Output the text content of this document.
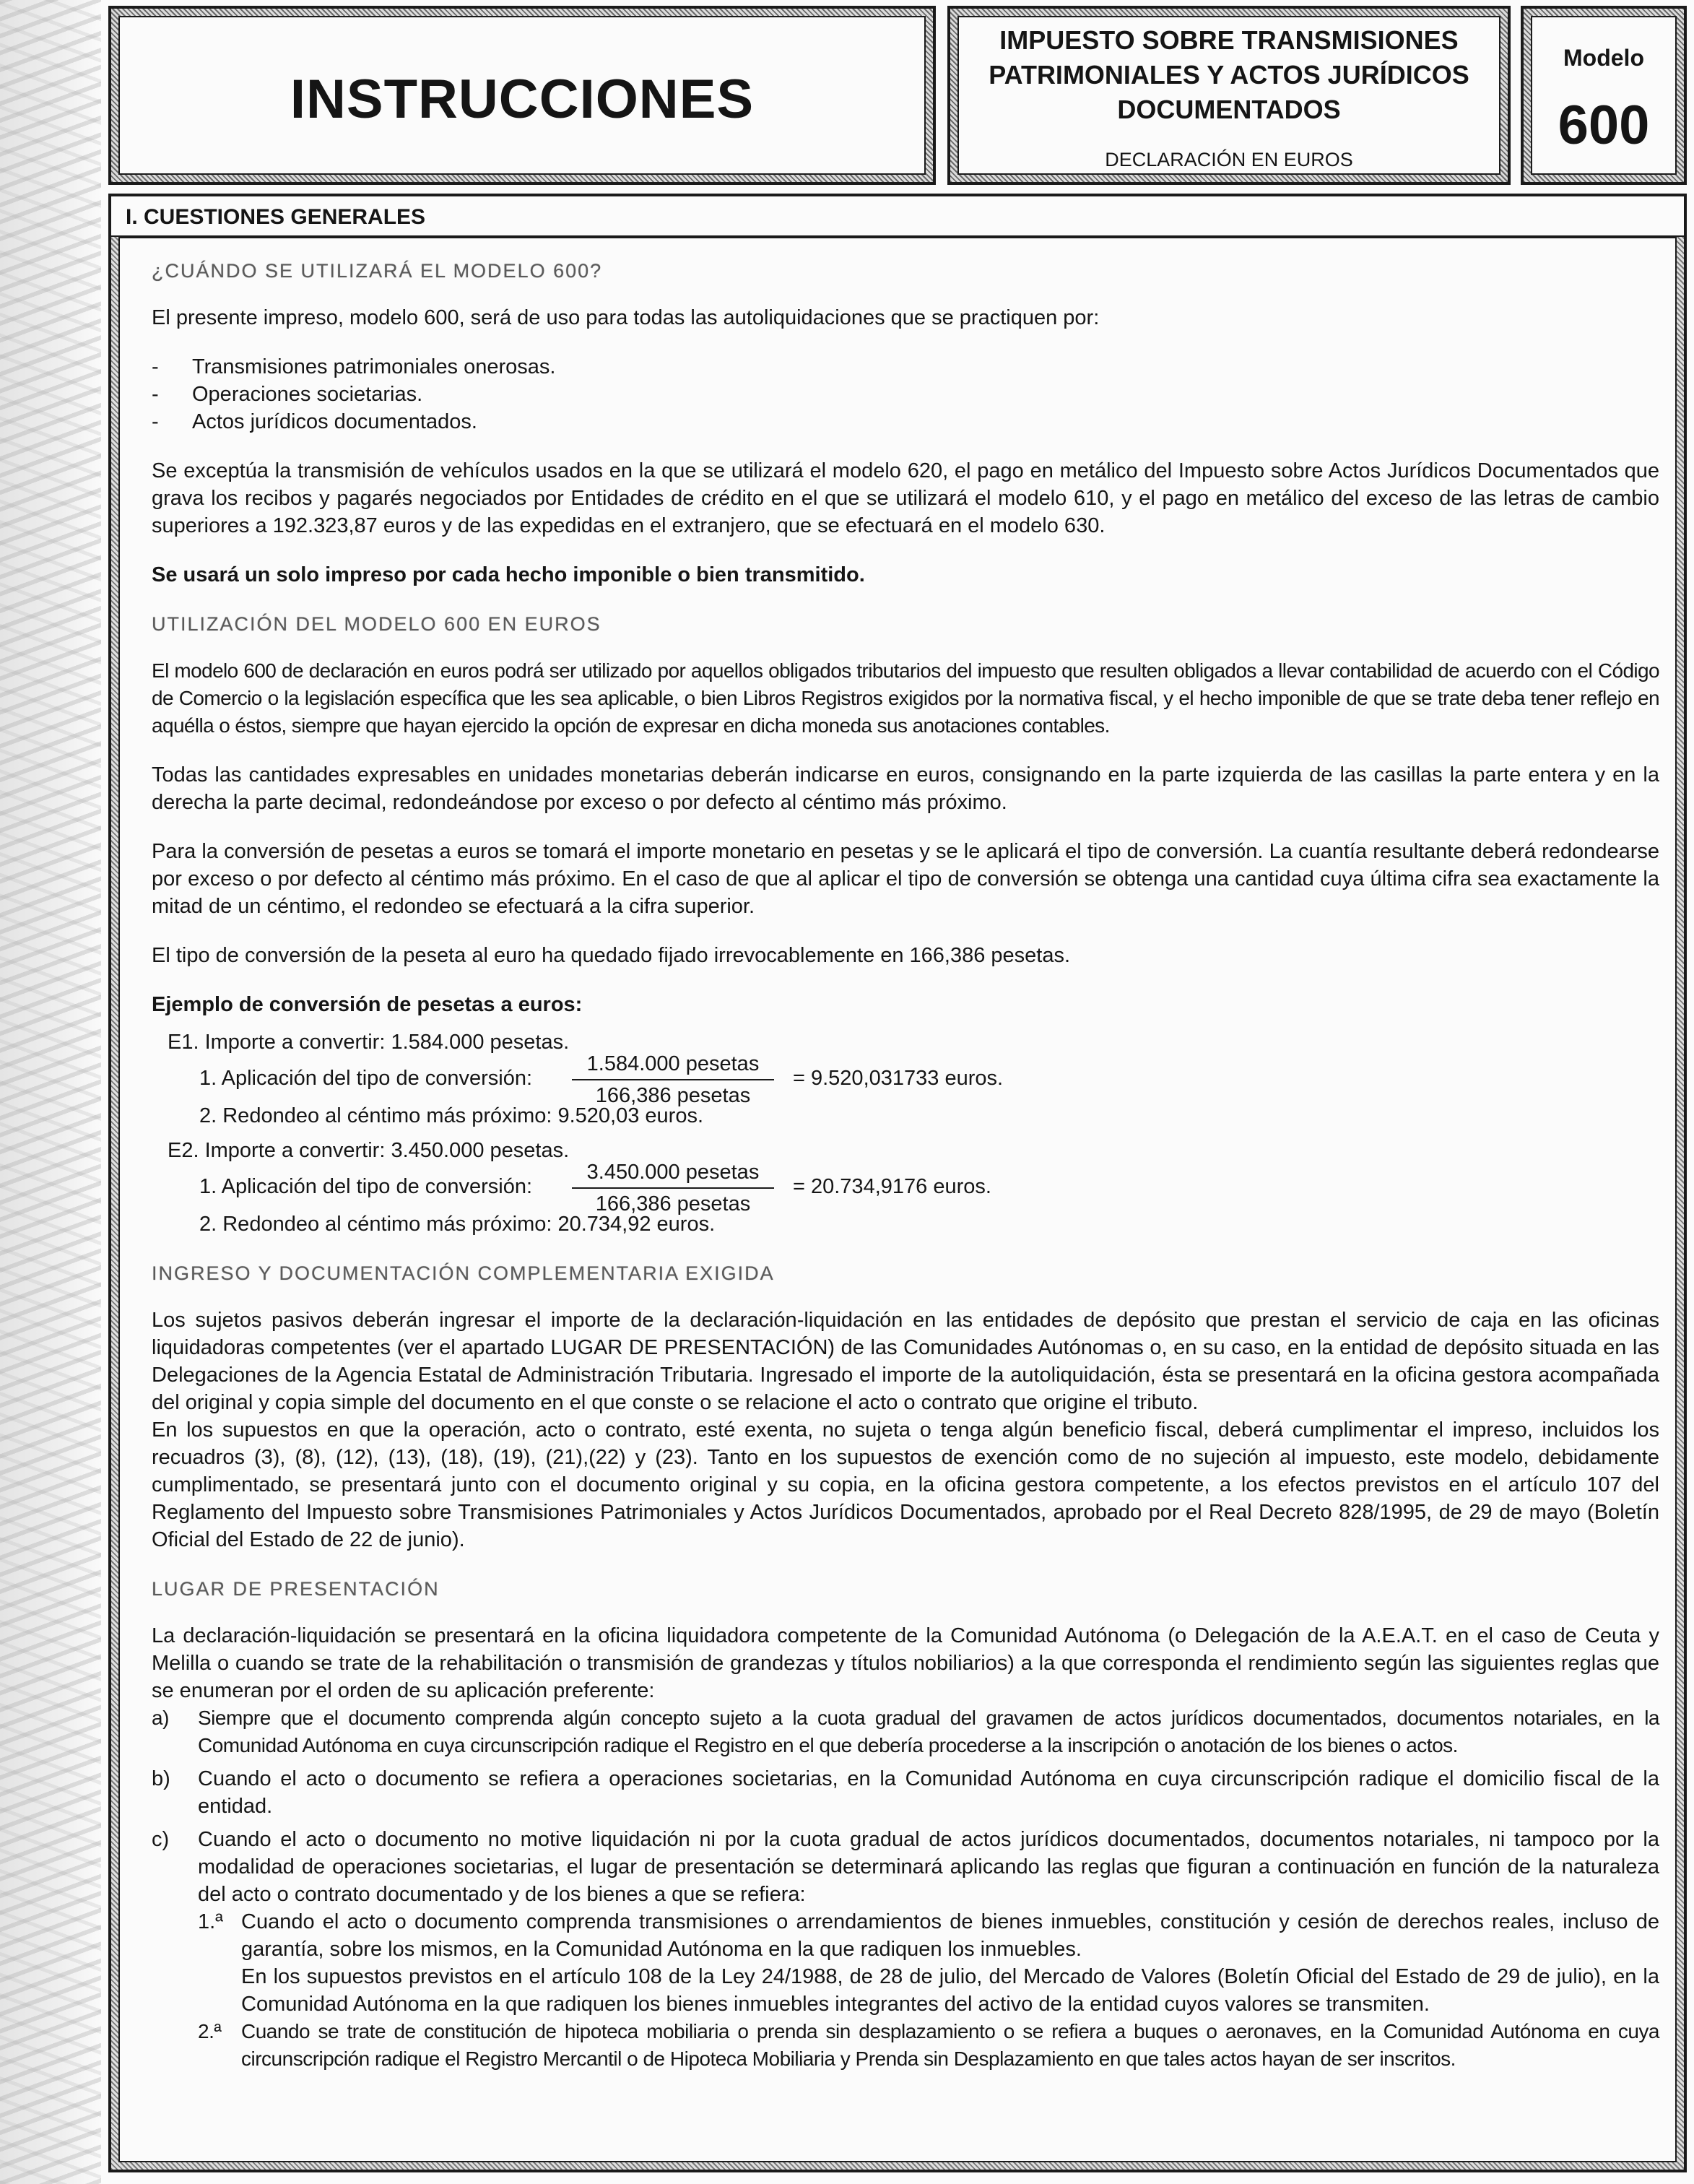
INSTRUCCIONES
IMPUESTO SOBRE TRANSMISIONES
PATRIMONIALES Y ACTOS JURÍDICOS
DOCUMENTADOS
DECLARACIÓN EN EUROS
Modelo
600
I. CUESTIONES GENERALES
¿CUÁNDO SE UTILIZARÁ EL MODELO 600?

El presente impreso, modelo 600, será de uso para todas las autoliquidaciones que se practiquen por:

- Transmisiones patrimoniales onerosas.
- Operaciones societarias.
- Actos jurídicos documentados.

Se exceptúa la transmisión de vehículos usados en la que se utilizará el modelo 620, el pago en metálico del Impuesto sobre Actos Jurídicos Documentados que grava los recibos y pagarés negociados por Entidades de crédito en el que se utilizará el modelo 610, y el pago en metálico del exceso de las letras de cambio superiores a 192.323,87 euros y de las expedidas en el extranjero, que se efectuará en el modelo 630.

Se usará un solo impreso por cada hecho imponible o bien transmitido.

UTILIZACIÓN DEL MODELO 600 EN EUROS

El modelo 600 de declaración en euros podrá ser utilizado por aquellos obligados tributarios del impuesto que resulten obligados a llevar contabilidad de acuerdo con el Código de Comercio o la legislación específica que les sea aplicable, o bien Libros Registros exigidos por la normativa fiscal, y el hecho imponible de que se trate deba tener reflejo en aquélla o éstos, siempre que hayan ejercido la opción de expresar en dicha moneda sus anotaciones contables.

Todas las cantidades expresables en unidades monetarias deberán indicarse en euros, consignando en la parte izquierda de las casillas la parte entera y en la derecha la parte decimal, redondeándose por exceso o por defecto al céntimo más próximo.

Para la conversión de pesetas a euros se tomará el importe monetario en pesetas y se le aplicará el tipo de conversión. La cuantía resultante deberá redondearse por exceso o por defecto al céntimo más próximo. En el caso de que al aplicar el tipo de conversión se obtenga una cantidad cuya última cifra sea exactamente la mitad de un céntimo, el redondeo se efectuará a la cifra superior.

El tipo de conversión de la peseta al euro ha quedado fijado irrevocablemente en 166,386 pesetas.

Ejemplo de conversión de pesetas a euros:

E1. Importe a convertir: 1.584.000 pesetas.
1. Aplicación del tipo de conversión:
1.584.000 pesetas
166,386 pesetas
= 9.520,031733 euros.
2. Redondeo al céntimo más próximo: 9.520,03 euros.
E2. Importe a convertir: 3.450.000 pesetas.
1. Aplicación del tipo de conversión:
3.450.000 pesetas
166,386 pesetas
= 20.734,9176 euros.
2. Redondeo al céntimo más próximo: 20.734,92 euros.
INGRESO Y DOCUMENTACIÓN COMPLEMENTARIA EXIGIDA

Los sujetos pasivos deberán ingresar el importe de la declaración-liquidación en las entidades de depósito que prestan el servicio de caja en las oficinas liquidadoras competentes (ver el apartado LUGAR DE PRESENTACIÓN) de las Comunidades Autónomas o, en su caso, en la entidad de depósito situada en las Delegaciones de la Agencia Estatal de Administración Tributaria. Ingresado el importe de la autoliquidación, ésta se presentará en la oficina gestora acompañada del original y copia simple del documento en el que conste o se relacione el acto o contrato que origine el tributo.

En los supuestos en que la operación, acto o contrato, esté exenta, no sujeta o tenga algún beneficio fiscal, deberá cumplimentar el impreso, incluidos los recuadros (3), (8), (12), (13), (18), (19), (21),(22) y (23). Tanto en los supuestos de exención como de no sujeción al impuesto, este modelo, debidamente cumplimentado, se presentará junto con el documento original y su copia, en la oficina gestora competente, a los efectos previstos en el artículo 107 del Reglamento del Impuesto sobre Transmisiones Patrimoniales y Actos Jurídicos Documentados, aprobado por el Real Decreto 828/1995, de 29 de mayo (Boletín Oficial del Estado de 22 de junio).

LUGAR DE PRESENTACIÓN

La declaración-liquidación se presentará en la oficina liquidadora competente de la Comunidad Autónoma (o Delegación de la A.E.A.T. en el caso de Ceuta y Melilla o cuando se trate de la rehabilitación o transmisión de grandezas y títulos nobiliarios) a la que corresponda el rendimiento según las siguientes reglas que se enumeran por el orden de su aplicación preferente:

a) Siempre que el documento comprenda algún concepto sujeto a la cuota gradual del gravamen de actos jurídicos documentados, documentos notariales, en la Comunidad Autónoma en cuya circunscripción radique el Registro en el que debería procederse a la inscripción o anotación de los bienes o actos.
b) Cuando el acto o documento se refiera a operaciones societarias, en la Comunidad Autónoma en cuya circunscripción radique el domicilio fiscal de la entidad.
c) Cuando el acto o documento no motive liquidación ni por la cuota gradual de actos jurídicos documentados, documentos notariales, ni tampoco por la modalidad de operaciones societarias, el lugar de presentación se determinará aplicando las reglas que figuran a continuación en función de la naturaleza del acto o contrato documentado y de los bienes a que se refiera:
1.ª Cuando el acto o documento comprenda transmisiones o arrendamientos de bienes inmuebles, constitución y cesión de derechos reales, incluso de garantía, sobre los mismos, en la Comunidad Autónoma en la que radiquen los inmuebles.
En los supuestos previstos en el artículo 108 de la Ley 24/1988, de 28 de julio, del Mercado de Valores (Boletín Oficial del Estado de 29 de julio), en la Comunidad Autónoma en la que radiquen los bienes inmuebles integrantes del activo de la entidad cuyos valores se transmiten.
2.ª Cuando se trate de constitución de hipoteca mobiliaria o prenda sin desplazamiento o se refiera a buques o aeronaves, en la Comunidad Autónoma en cuya circunscripción radique el Registro Mercantil o de Hipoteca Mobiliaria y Prenda sin Desplazamiento en que tales actos hayan de ser inscritos.
